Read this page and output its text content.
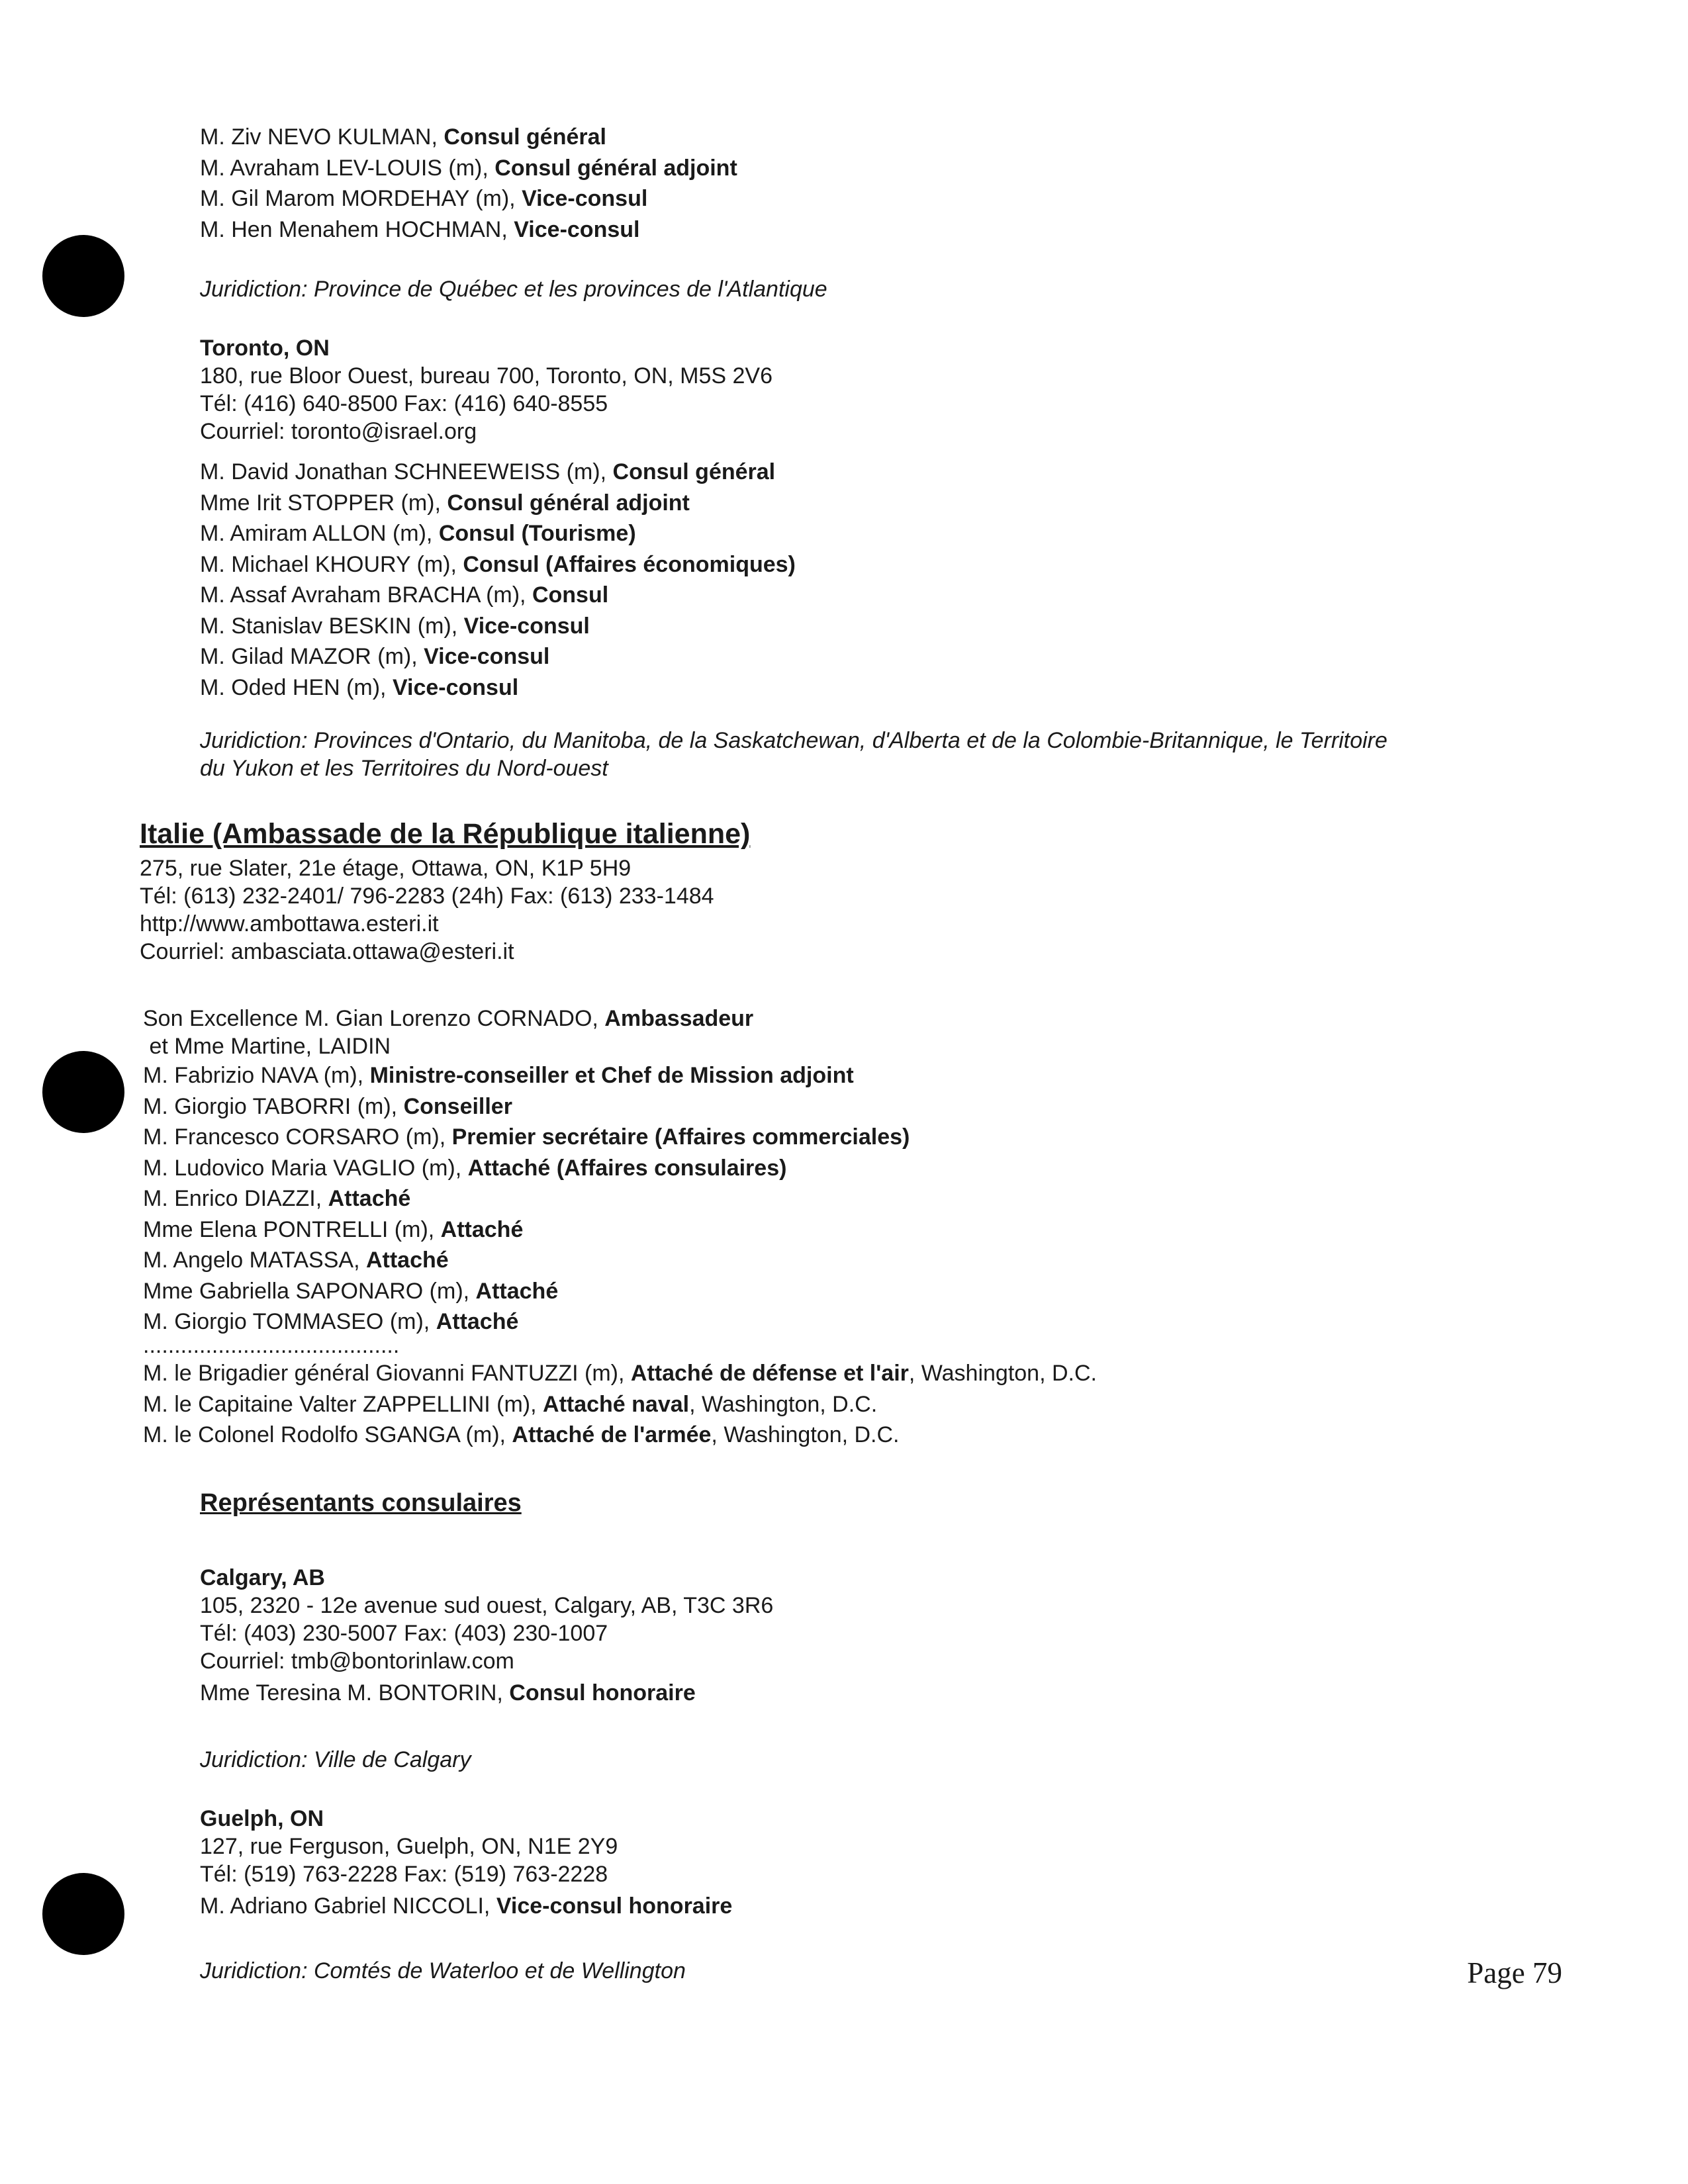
M. Ziv NEVO KULMAN, Consul général
M. Avraham LEV-LOUIS (m), Consul général adjoint
M. Gil Marom MORDEHAY (m), Vice-consul
M. Hen Menahem HOCHMAN, Vice-consul
Juridiction: Province de Québec et les provinces de l'Atlantique
Toronto, ON
180, rue Bloor Ouest, bureau 700, Toronto, ON, M5S 2V6
Tél: (416) 640-8500 Fax: (416) 640-8555
Courriel: toronto@israel.org
M. David Jonathan SCHNEEWEISS (m), Consul général
Mme Irit STOPPER (m), Consul général adjoint
M. Amiram ALLON (m), Consul (Tourisme)
M. Michael KHOURY (m), Consul (Affaires économiques)
M. Assaf Avraham BRACHA (m), Consul
M. Stanislav BESKIN (m), Vice-consul
M. Gilad MAZOR (m), Vice-consul
M. Oded HEN (m), Vice-consul
Juridiction: Provinces d'Ontario, du Manitoba, de la Saskatchewan, d'Alberta et de la Colombie-Britannique, le Territoire
du Yukon et les Territoires du Nord-ouest
Italie (Ambassade de la République italienne)
275, rue Slater, 21e étage, Ottawa, ON, K1P 5H9
Tél: (613) 232-2401/ 796-2283 (24h) Fax: (613) 233-1484
http://www.ambottawa.esteri.it
Courriel: ambasciata.ottawa@esteri.it
Son Excellence M. Gian Lorenzo CORNADO, Ambassadeur
et Mme Martine, LAIDIN
M. Fabrizio NAVA (m), Ministre-conseiller et Chef de Mission adjoint
M. Giorgio TABORRI (m), Conseiller
M. Francesco CORSARO (m), Premier secrétaire (Affaires commerciales)
M. Ludovico Maria VAGLIO (m), Attaché (Affaires consulaires)
M. Enrico DIAZZI, Attaché
Mme Elena PONTRELLI (m), Attaché
M. Angelo MATASSA, Attaché
Mme Gabriella SAPONARO (m), Attaché
M. Giorgio TOMMASEO (m), Attaché
.........................................
M. le Brigadier général Giovanni FANTUZZI (m), Attaché de défense et l'air, Washington, D.C.
M. le Capitaine Valter ZAPPELLINI (m), Attaché naval, Washington, D.C.
M. le Colonel Rodolfo SGANGA (m), Attaché de l'armée, Washington, D.C.
Représentants consulaires
Calgary, AB
105, 2320 - 12e avenue sud ouest, Calgary, AB, T3C 3R6
Tél: (403) 230-5007 Fax: (403) 230-1007
Courriel: tmb@bontorinlaw.com
Mme Teresina M. BONTORIN, Consul honoraire
Juridiction: Ville de Calgary
Guelph, ON
127, rue Ferguson, Guelph, ON, N1E 2Y9
Tél: (519) 763-2228 Fax: (519) 763-2228
M. Adriano Gabriel NICCOLI, Vice-consul honoraire
Juridiction: Comtés de Waterloo et de Wellington	Page 79
